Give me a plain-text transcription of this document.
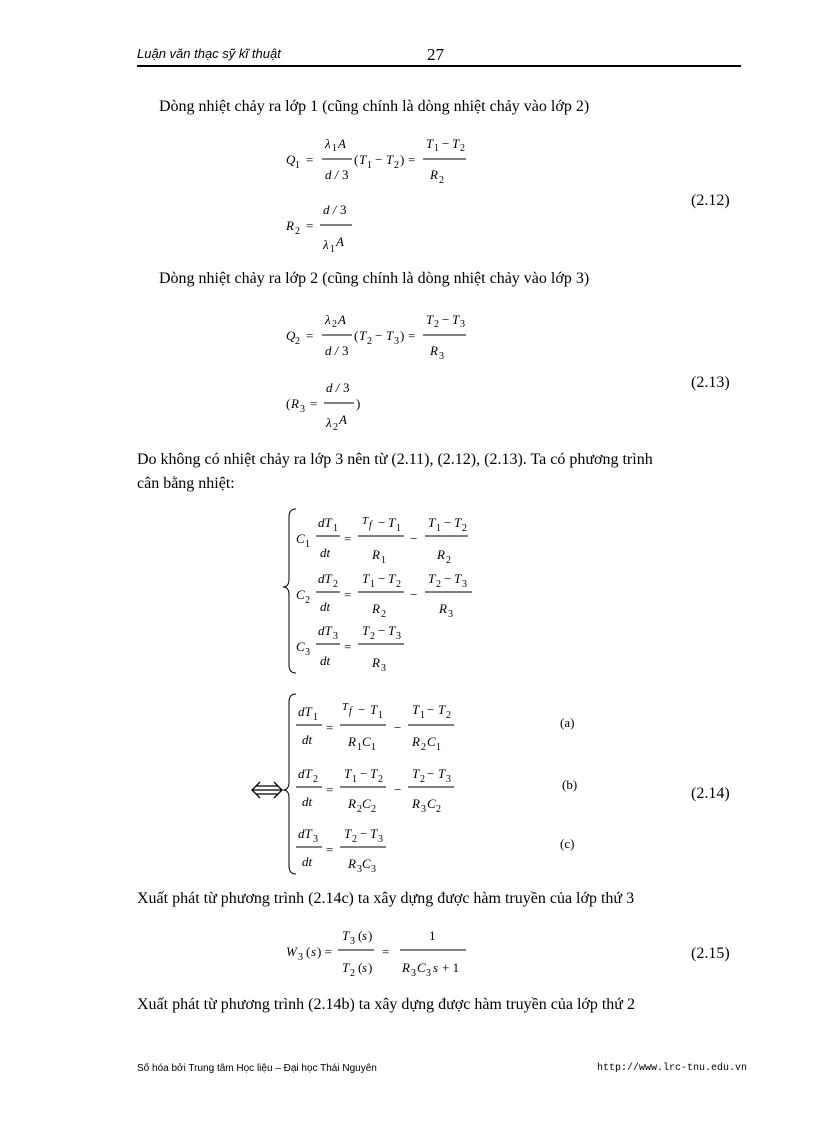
Luận văn thạc sỹ kĩ thuật	27
Dòng nhiệt chảy ra lớp 1 (cũng chính là dòng nhiệt chảy vào lớp 2)
Q 1 =
λ 1 A
d / 3
( T 1 − T 2 ) =
T 1 − T 2
R 2
R 2 =
d / 3
λ 1
A
(2.12)
Dòng nhiệt chảy ra lớp 2 (cũng chính là dòng nhiệt chảy vào lớp 3)
Q 2 =
λ 2 A
d / 3
( T 2 − T 3 ) =
T 2 − T 3
R 3
( R 3 =
d / 3
λ 2
A
)
(2.13)
Do không có nhiệt chảy ra lớp 3 nên từ (2.11), (2.12), (2.13). Ta có phương trình
cân bằng nhiệt:
C 1
dT 1
dt
=
T f − T 1
R 1
−
T 1 − T 2
R 2
C 2
dT 2
dt
=
T 1 − T 2
R 2
−
T 2 − T 3
R 3
C 3
dT 3
dt
=
T 2 − T 3
R 3
dT 1
dt
=
T f − T 1
R 1 C 1
−
T 1 − T 2
R 2 C 1
dT 2
dt
=
T 1 − T 2
R 2 C 2
−
T 2 − T 3
R 3 C 2
dT 3
dt
=
T 2 − T 3
R 3 C 3
(a)
(b)
(c)
(2.14)
Xuất phát từ phương trình (2.14c) ta xây dựng được hàm truyền của lớp thứ 3
W 3 ( s ) =
T 3 ( s )
T 2 ( s )
=
1
R 3 C 3 s + 1
(2.15)
Xuất phát từ phương trình (2.14b) ta xây dựng được hàm truyền của lớp thứ 2
Số hóa bởi Trung tâm Học liệu – Đại học Thái Nguyên	http://www.lrc-tnu.edu.vn
